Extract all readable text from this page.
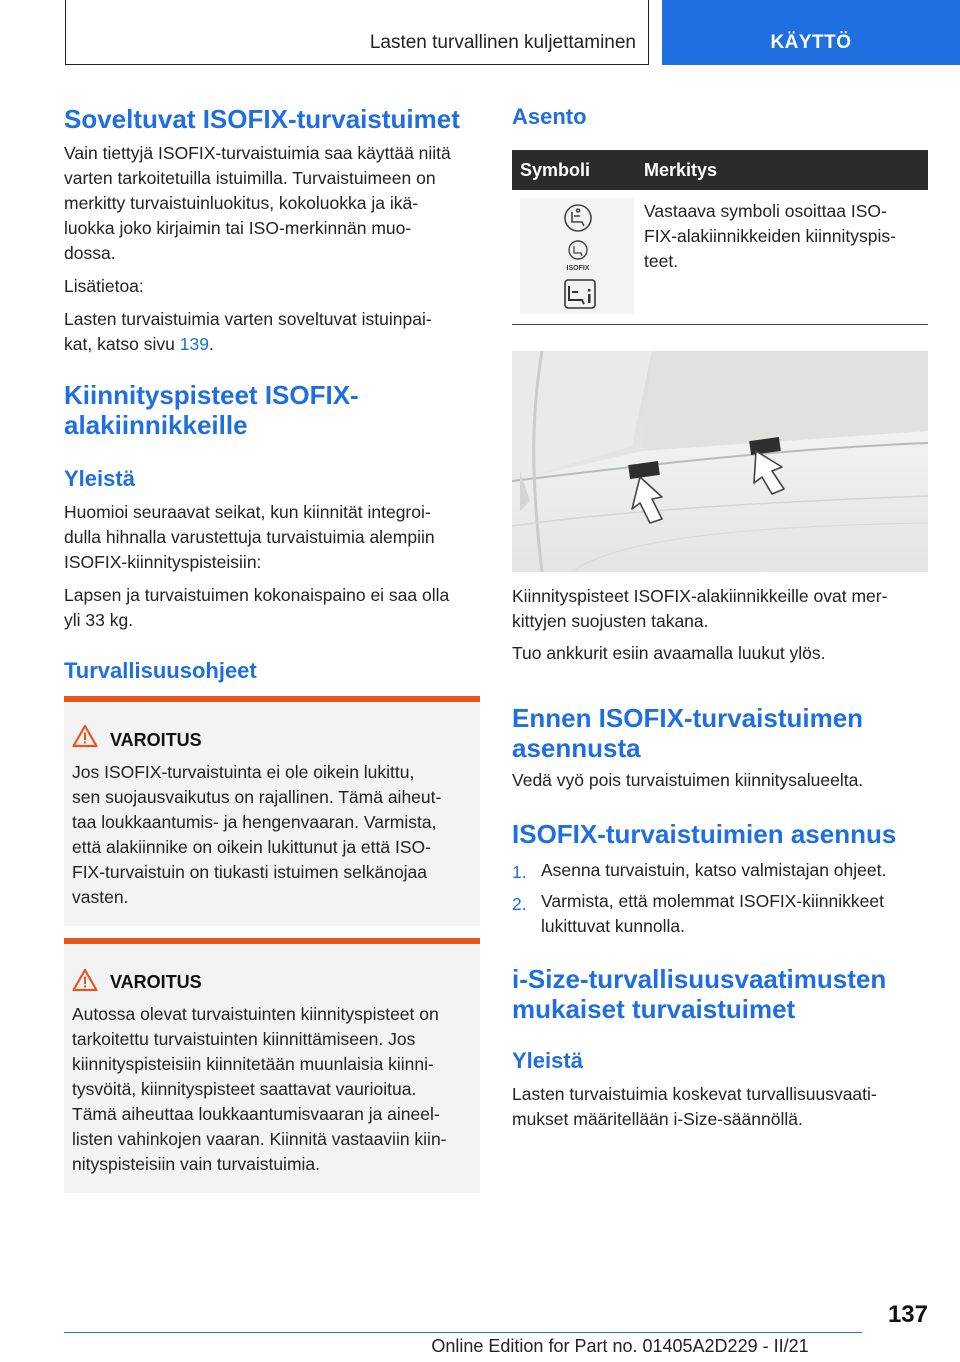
Lasten turvallinen kuljettaminen	KÄYTTÖ
Soveltuvat ISOFIX-turvaistuimet
Vain tiettyjä ISOFIX-turvaistuimia saa käyttää niitä
varten tarkoitetuilla istuimilla. Turvaistuimeen on
merkitty turvaistuinluokitus, kokoluokka ja ikä-
luokka joko kirjaimin tai ISO-merkinnän muo-
dossa.
Lisätietoa:
Lasten turvaistuimia varten soveltuvat istuinpai-
kat, katso sivu 139.
Kiinnityspisteet ISOFIX-
alakiinnikkeille
Yleistä
Huomioi seuraavat seikat, kun kiinnität integroi-
dulla hihnalla varustettuja turvaistuimia alempiin
ISOFIX-kiinnityspisteisiin:
Lapsen ja turvaistuimen kokonaispaino ei saa olla
yli 33 kg.
Turvallisuusohjeet
VAROITUS
Jos ISOFIX-turvaistuinta ei ole oikein lukittu,
sen suojausvaikutus on rajallinen. Tämä aiheut-
taa loukkaantumis- ja hengenvaaran. Varmista,
että alakiinnike on oikein lukittunut ja että ISO-
FIX-turvaistuin on tiukasti istuimen selkänojaa
vasten.
VAROITUS
Autossa olevat turvaistuinten kiinnityspisteet on
tarkoitettu turvaistuinten kiinnittämiseen. Jos
kiinnityspisteisiin kiinnitetään muunlaisia kiinni-
tysvöitä, kiinnityspisteet saattavat vaurioitua.
Tämä aiheuttaa loukkaantumisvaaran ja aineel-
listen vahinkojen vaaran. Kiinnitä vastaaviin kiin-
nityspisteisiin vain turvaistuimia.
Asento
Symboli	Merkitys
ISOFIX
Vastaava symboli osoittaa ISO-
FIX-alakiinnikkeiden kiinnityspis-
teet.
Kiinnityspisteet ISOFIX-alakiinnikkeille ovat mer-
kittyjen suojusten takana.
Tuo ankkurit esiin avaamalla luukut ylös.
Ennen ISOFIX-turvaistuimen
asennusta
Vedä vyö pois turvaistuimen kiinnitysalueelta.
ISOFIX-turvaistuimien asennus
1. Asenna turvaistuin, katso valmistajan ohjeet.
2. Varmista, että molemmat ISOFIX-kiinnikkeet
lukittuvat kunnolla.
i-Size-turvallisuusvaatimusten
mukaiset turvaistuimet
Yleistä
Lasten turvaistuimia koskevat turvallisuusvaati-
mukset määritellään i-Size-säännöllä.
137
Online Edition for Part no. 01405A2D229 - II/21
